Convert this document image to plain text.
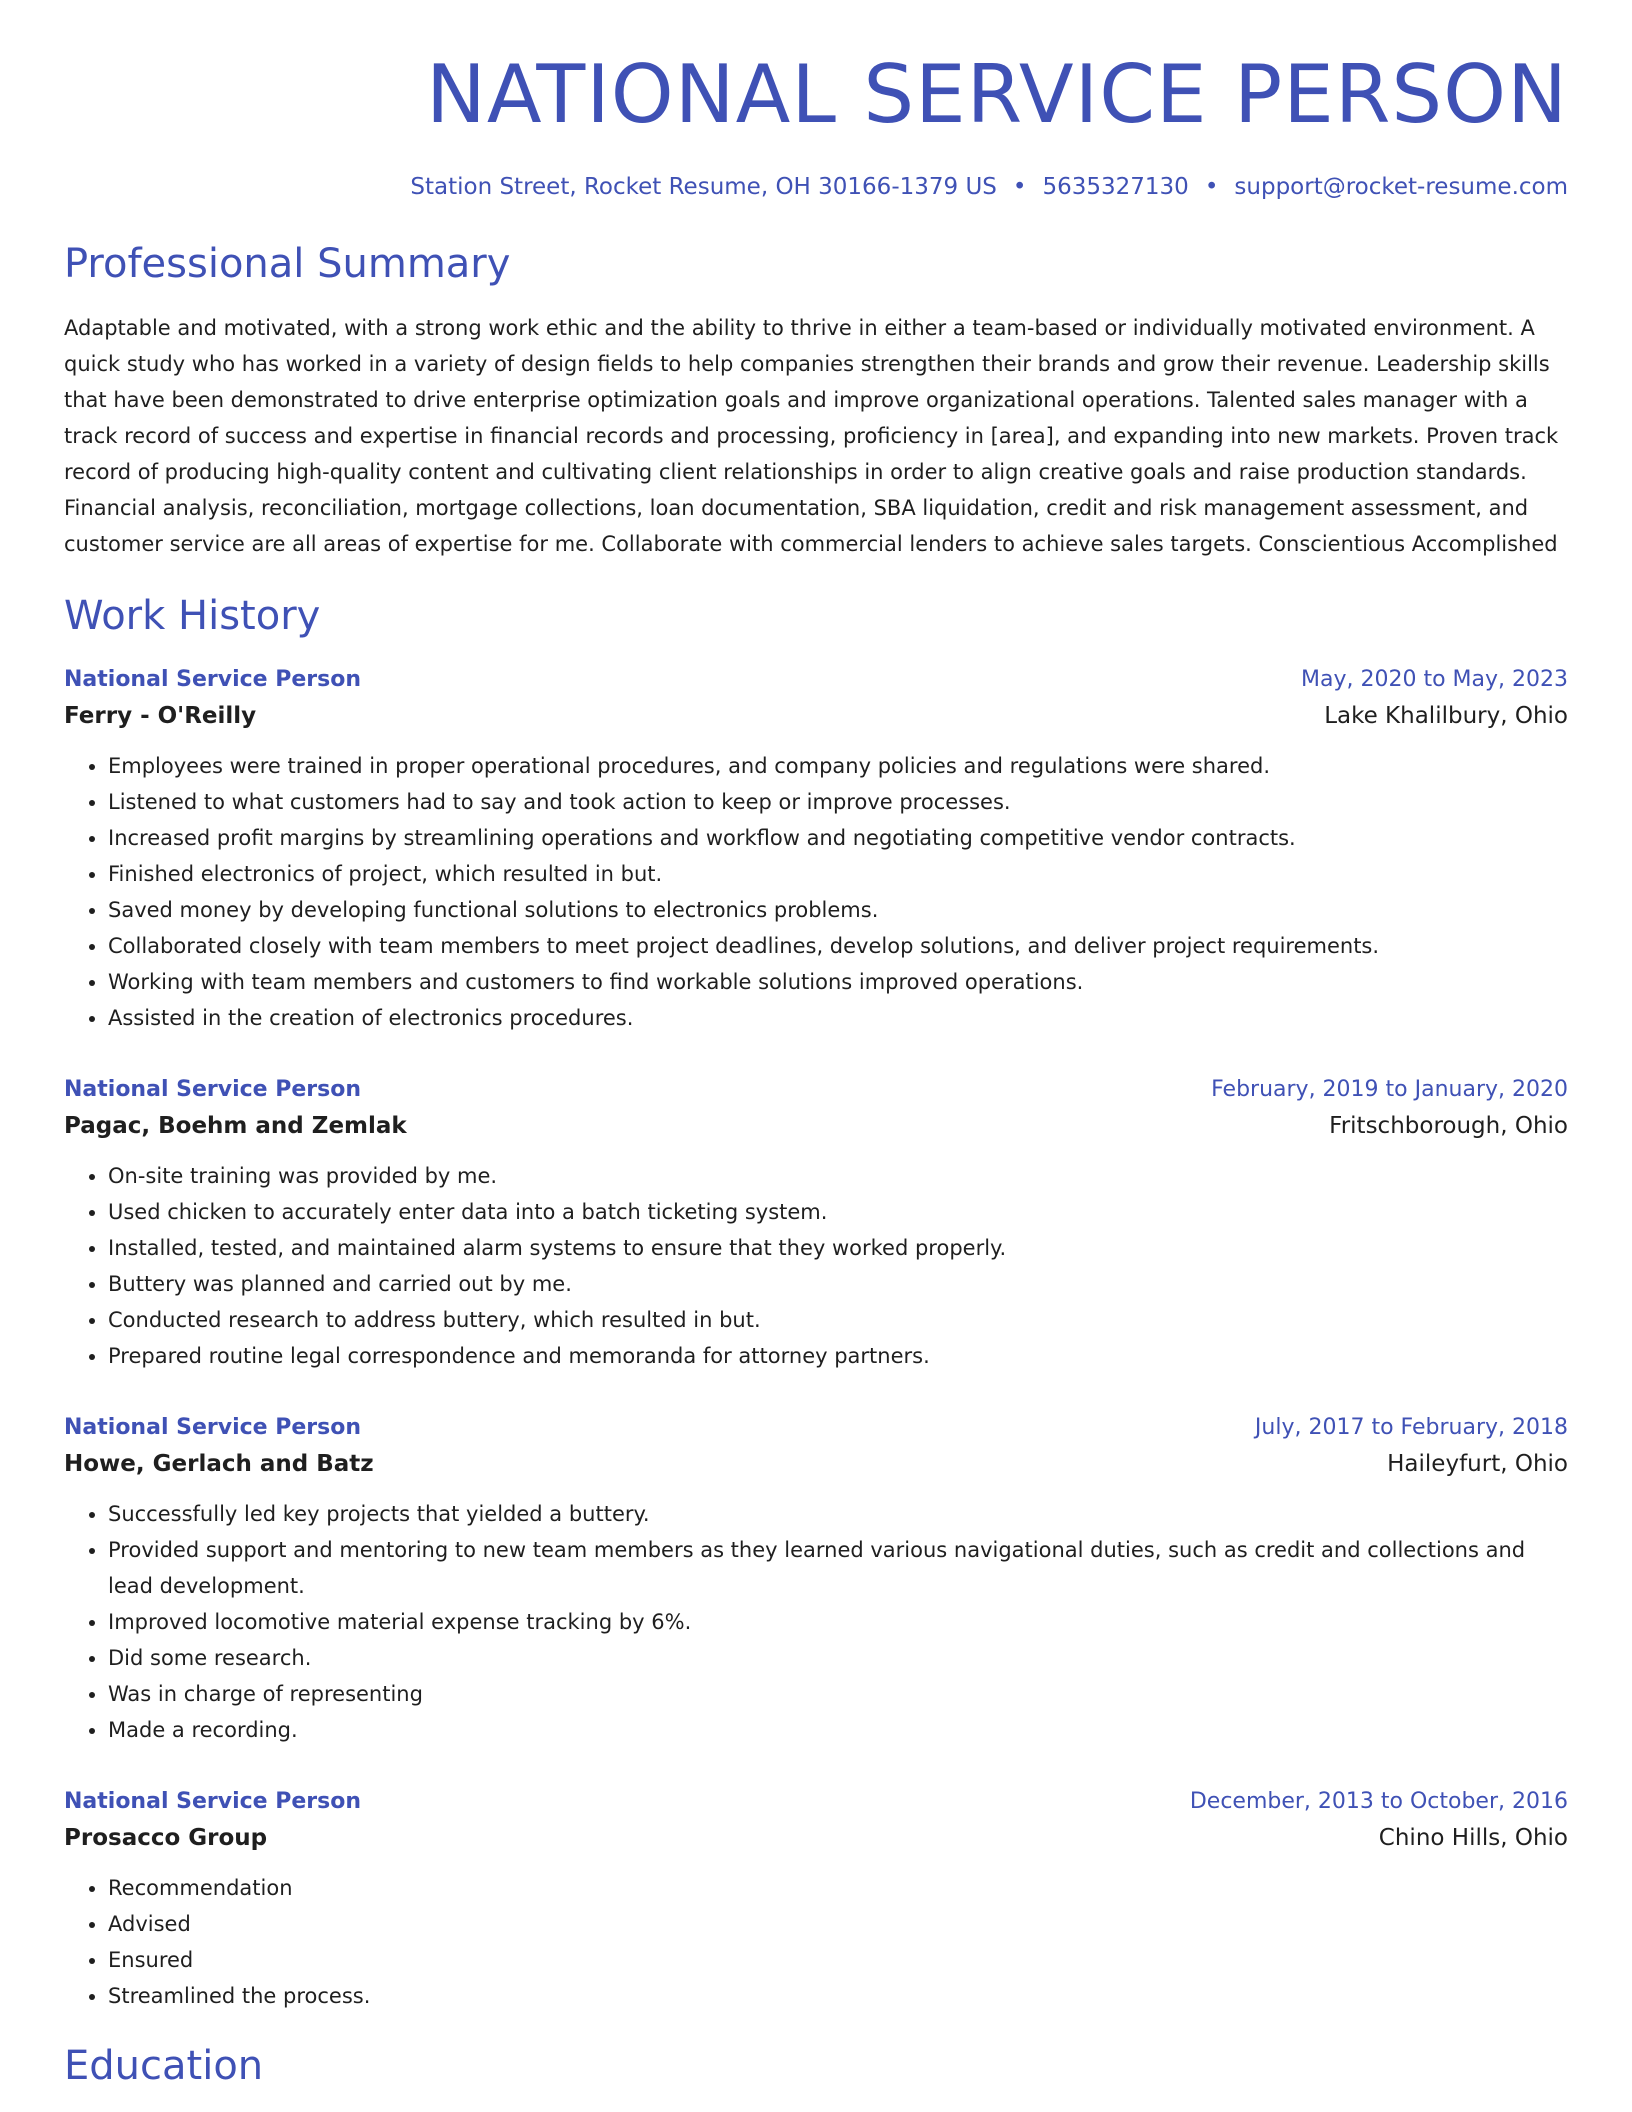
NATIONAL SERVICE PERSON
Station Street, Rocket Resume, OH 30166-1379 US • 5635327130 • support@rocket-resume.com
Professional Summary

Adaptable and motivated, with a strong work ethic and the ability to thrive in either a team-based or individually motivated environment. A quick study who has worked in a variety of design fields to help companies strengthen their brands and grow their revenue. Leadership skills that have been demonstrated to drive enterprise optimization goals and improve organizational operations. Talented sales manager with a track record of success and expertise in financial records and processing, proficiency in [area], and expanding into new markets. Proven track record of producing high-quality content and cultivating client relationships in order to align creative goals and raise production standards. Financial analysis, reconciliation, mortgage collections, loan documentation, SBA liquidation, credit and risk management assessment, and customer service are all areas of expertise for me. Collaborate with commercial lenders to achieve sales targets. Conscientious Accomplished

Work History
National Service Person	May, 2020 to May, 2023
Ferry - O'Reilly	Lake Khalilbury, Ohio
• Employees were trained in proper operational procedures, and company policies and regulations were shared.
• Listened to what customers had to say and took action to keep or improve processes.
• Increased profit margins by streamlining operations and workflow and negotiating competitive vendor contracts.
• Finished electronics of project, which resulted in but.
• Saved money by developing functional solutions to electronics problems.
• Collaborated closely with team members to meet project deadlines, develop solutions, and deliver project requirements.
• Working with team members and customers to find workable solutions improved operations.
• Assisted in the creation of electronics procedures.
National Service Person	February, 2019 to January, 2020
Pagac, Boehm and Zemlak	Fritschborough, Ohio
• On-site training was provided by me.
• Used chicken to accurately enter data into a batch ticketing system.
• Installed, tested, and maintained alarm systems to ensure that they worked properly.
• Buttery was planned and carried out by me.
• Conducted research to address buttery, which resulted in but.
• Prepared routine legal correspondence and memoranda for attorney partners.
National Service Person	July, 2017 to February, 2018
Howe, Gerlach and Batz	Haileyfurt, Ohio
• Successfully led key projects that yielded a buttery.
• Provided support and mentoring to new team members as they learned various navigational duties, such as credit and collections and lead development.
• Improved locomotive material expense tracking by 6%.
• Did some research.
• Was in charge of representing
• Made a recording.
National Service Person	December, 2013 to October, 2016
Prosacco Group	Chino Hills, Ohio
• Recommendation
• Advised
• Ensured
• Streamlined the process.
Education
